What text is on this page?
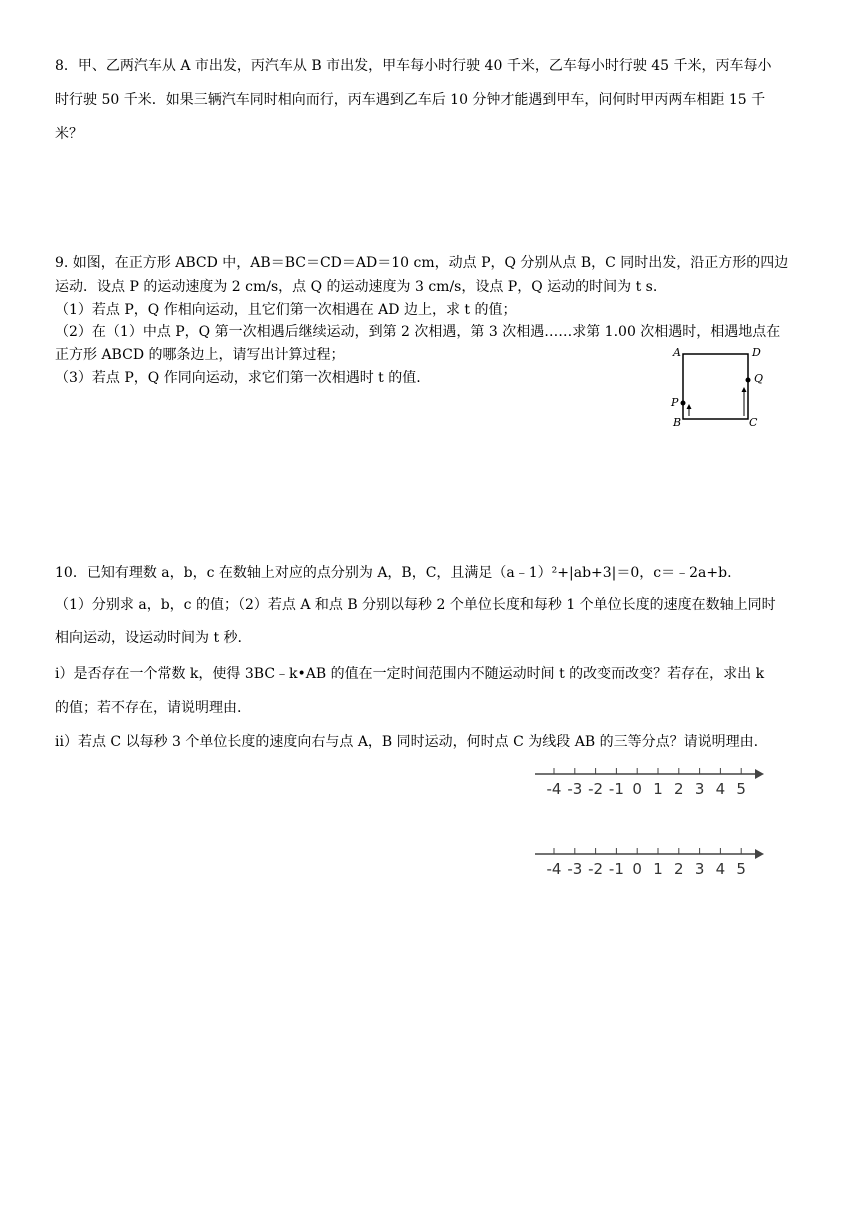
8．甲、乙两汽车从 A 市出发，丙汽车从 B 市出发，甲车每小时行驶 40 千米，乙车每小时行驶 45 千米，丙车每小
时行驶 50 千米．如果三辆汽车同时相向而行，丙车遇到乙车后 10 分钟才能遇到甲车，问何时甲丙两车相距 15 千
米？
9. 如图，在正方形 ABCD 中，AB＝BC＝CD＝AD＝10 cm，动点 P，Q 分别从点 B，C 同时出发，沿正方形的四边
运动．设点 P 的运动速度为 2 cm/s，点 Q 的运动速度为 3 cm/s，设点 P，Q 运动的时间为 t s.
（1）若点 P，Q 作相向运动，且它们第一次相遇在 AD 边上，求 t 的值；
（2）在（1）中点 P，Q 第一次相遇后继续运动，到第 2 次相遇，第 3 次相遇……求第 1.00 次相遇时，相遇地点在
正方形 ABCD 的哪条边上，请写出计算过程；
（3）若点 P，Q 作同向运动，求它们第一次相遇时 t 的值.
A	D
Q
P
B	C
10．已知有理数 a，b，c 在数轴上对应的点分别为 A，B，C，且满足（a﹣1）²+|ab+3|＝0，c＝﹣2a+b.
（1）分别求 a，b，c 的值；（2）若点 A 和点 B 分别以每秒 2 个单位长度和每秒 1 个单位长度的速度在数轴上同时
相向运动，设运动时间为 t 秒.
i）是否存在一个常数 k，使得 3BC﹣k•AB 的值在一定时间范围内不随运动时间 t 的改变而改变？若存在，求出 k
的值；若不存在，请说明理由.
ii）若点 C 以每秒 3 个单位长度的速度向右与点 A，B 同时运动，何时点 C 为线段 AB 的三等分点？请说明理由.
-4 -3 -2 -1 0 1 2 3 4 5
-4 -3 -2 -1 0 1 2 3 4 5
